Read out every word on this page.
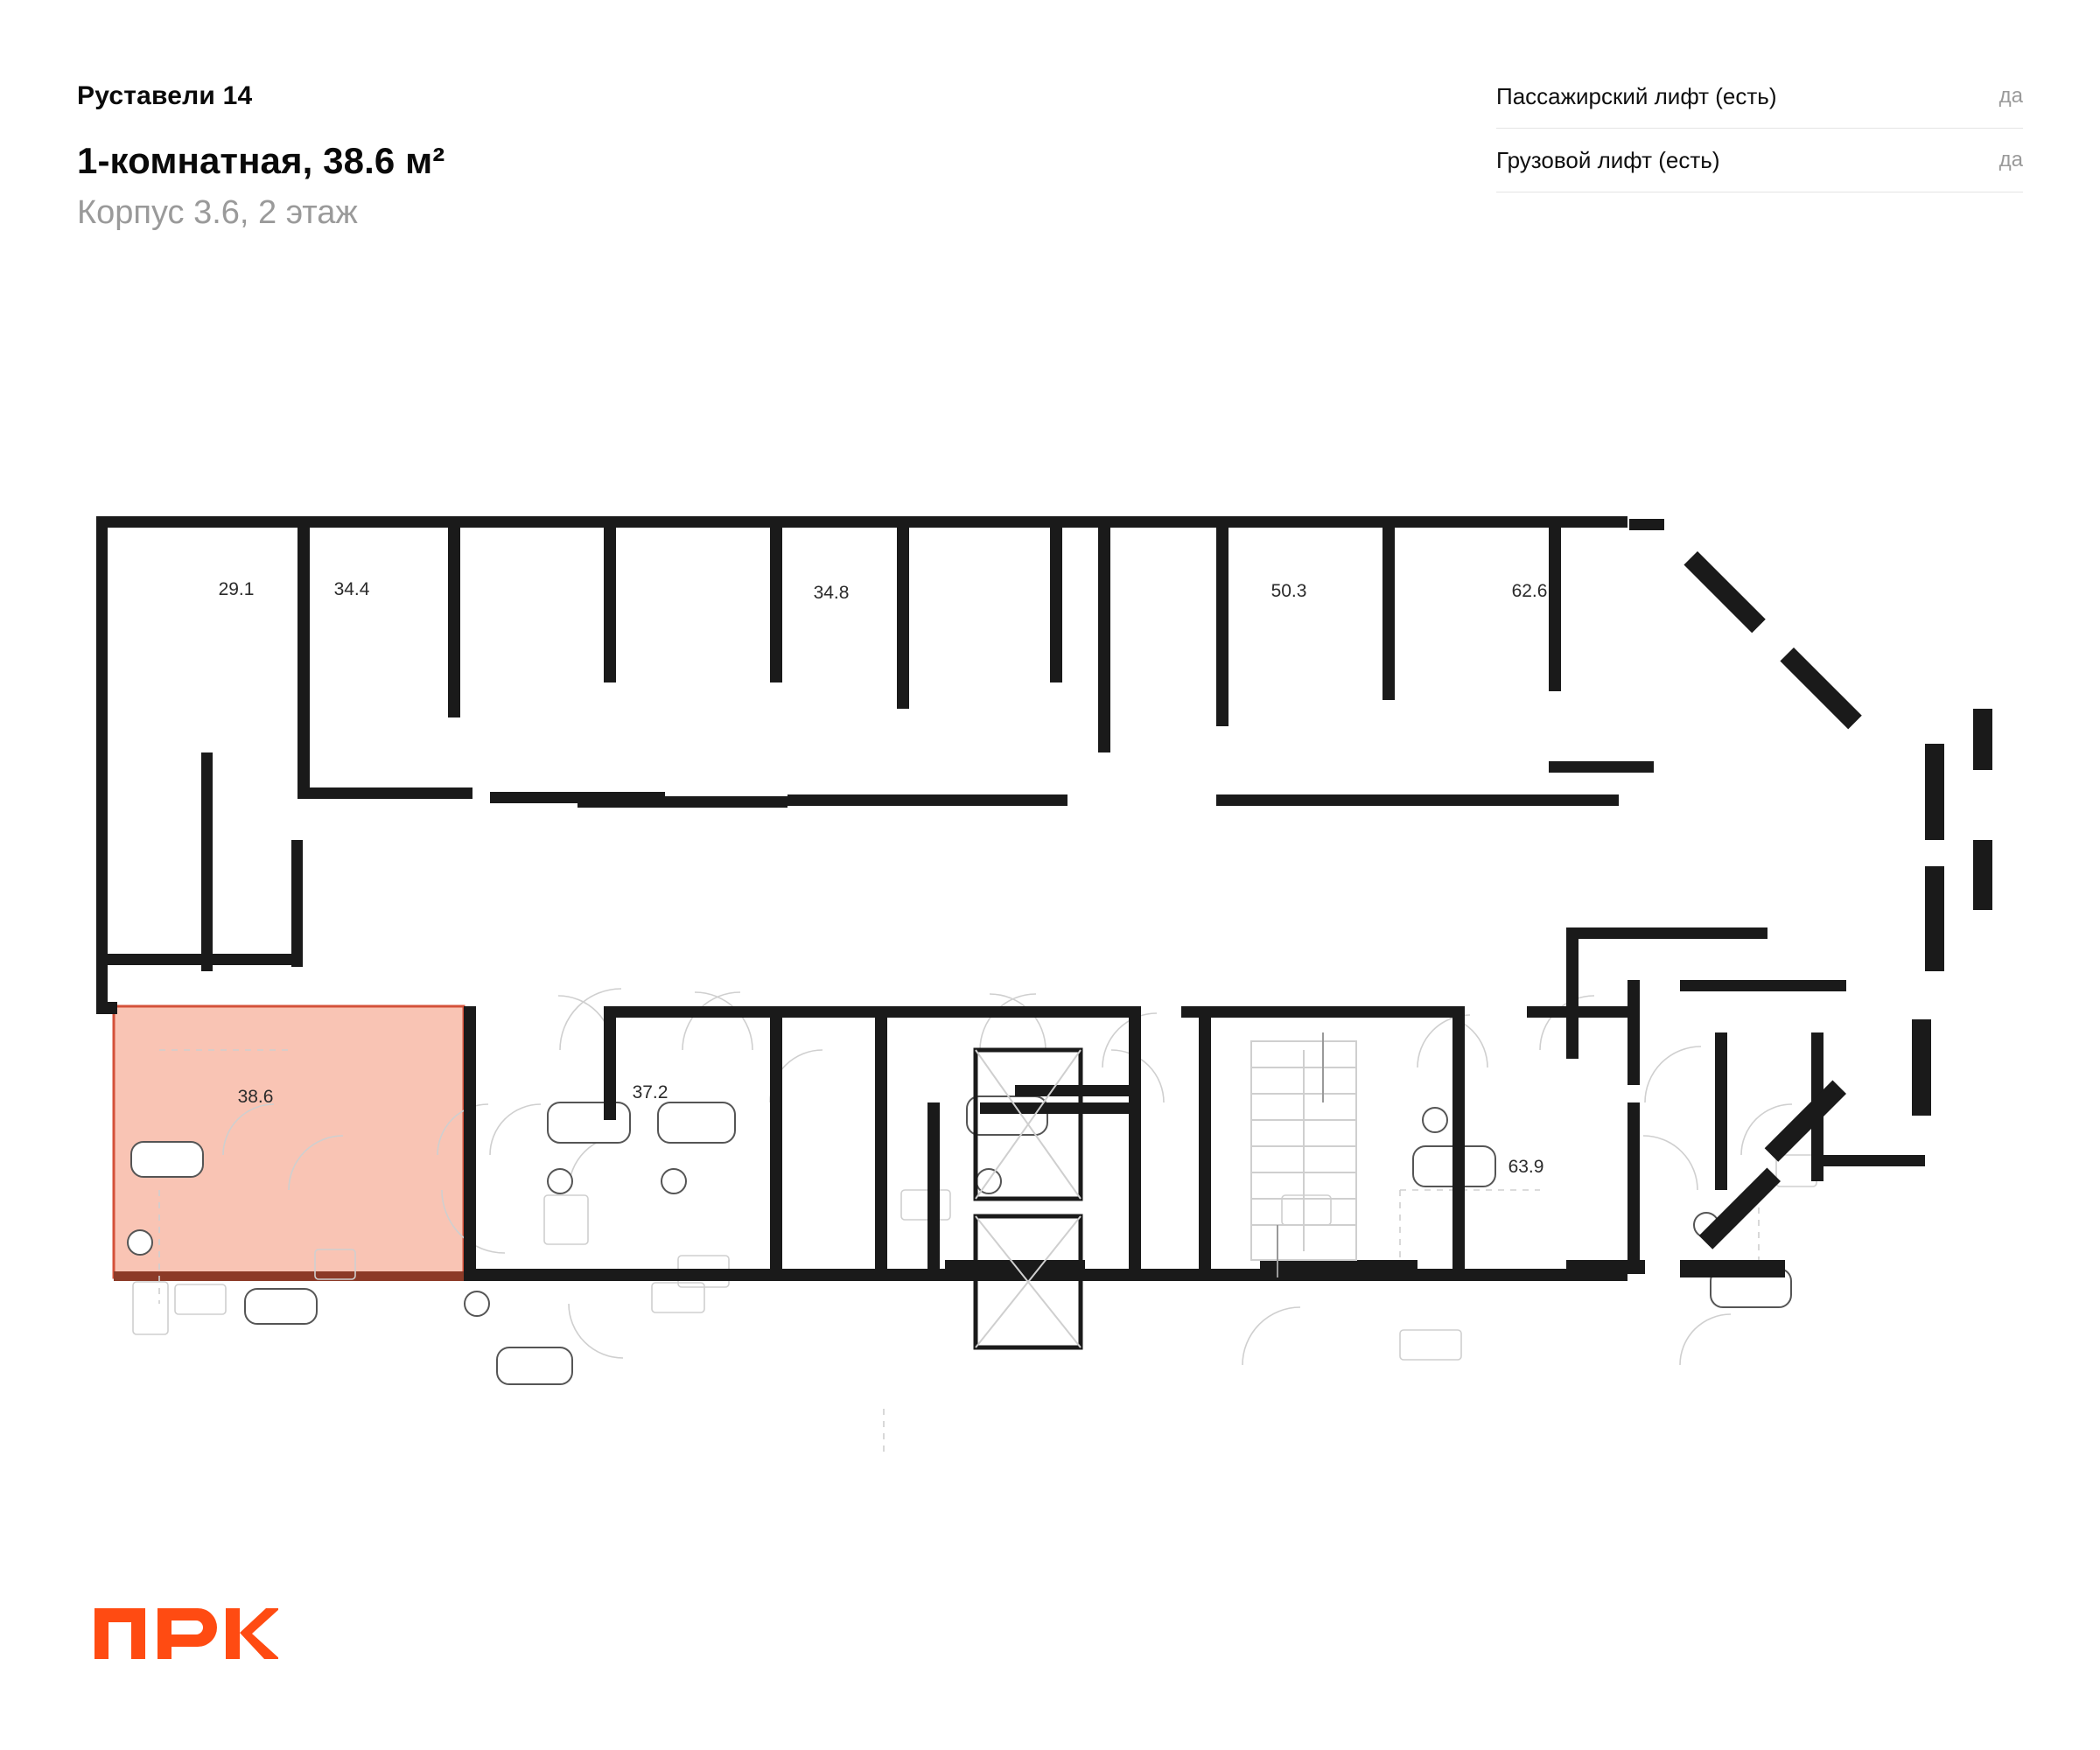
Руставели 14
1-комнатная, 38.6 м²
Корпус 3.6, 2 этаж
Пассажирский лифт (есть)	да
Грузовой лифт (есть)	да
29.1	34.4	34.8	50.3	62.6
38.6	37.2
63.9
